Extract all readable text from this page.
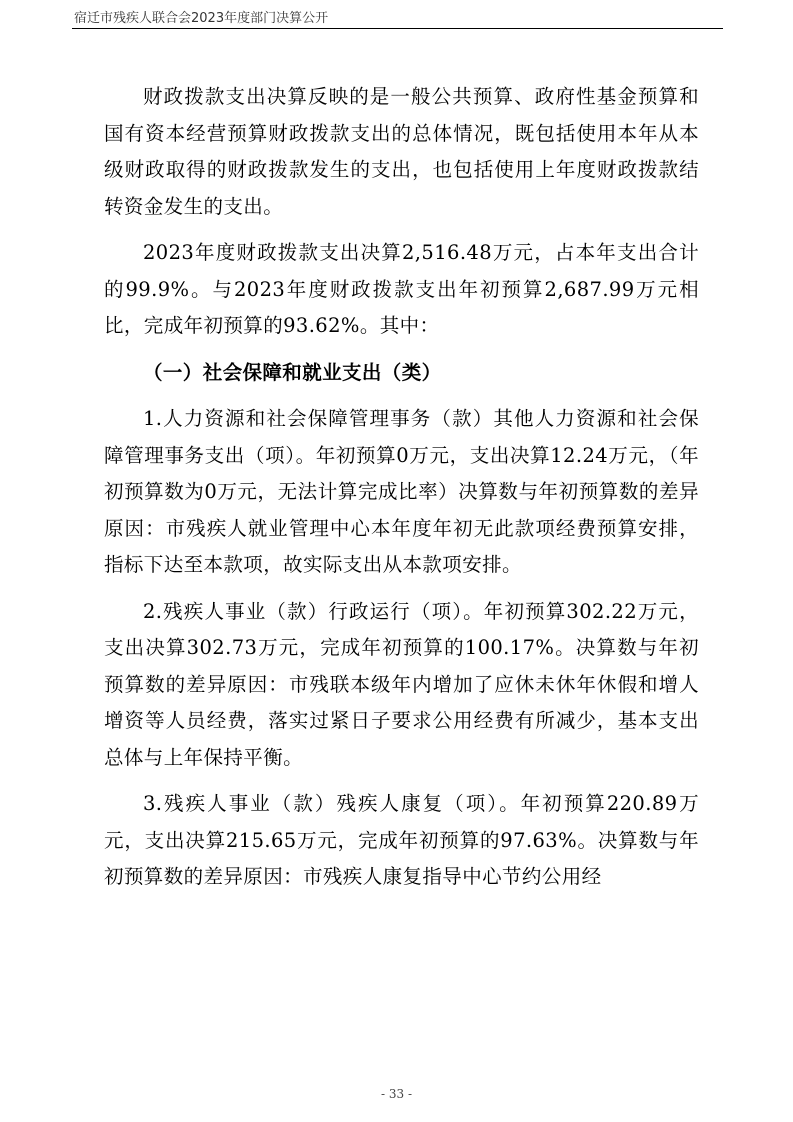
宿迁市残疾人联合会2023年度部门决算公开

财政拨款支出决算反映的是一般公共预算、政府性基金预算和国有资本经营预算财政拨款支出的总体情况，既包括使用本年从本级财政取得的财政拨款发生的支出，也包括使用上年度财政拨款结转资金发生的支出。

2023年度财政拨款支出决算2,516.48万元，占本年支出合计的99.9%。与2023年度财政拨款支出年初预算2,687.99万元相比，完成年初预算的93.62%。其中：

（一）社会保障和就业支出（类）

1.人力资源和社会保障管理事务（款）其他人力资源和社会保障管理事务支出（项）。年初预算0万元，支出决算12.24万元，（年初预算数为0万元，无法计算完成比率）决算数与年初预算数的差异原因：市残疾人就业管理中心本年度年初无此款项经费预算安排，指标下达至本款项，故实际支出从本款项安排。

2.残疾人事业（款）行政运行（项）。年初预算302.22万元，支出决算302.73万元，完成年初预算的100.17%。决算数与年初预算数的差异原因：市残联本级年内增加了应休未休年休假和增人增资等人员经费，落实过紧日子要求公用经费有所减少，基本支出总体与上年保持平衡。

3.残疾人事业（款）残疾人康复（项）。年初预算220.89万元，支出决算215.65万元，完成年初预算的97.63%。决算数与年初预算数的差异原因：市残疾人康复指导中心节约公用经

- 33 -
